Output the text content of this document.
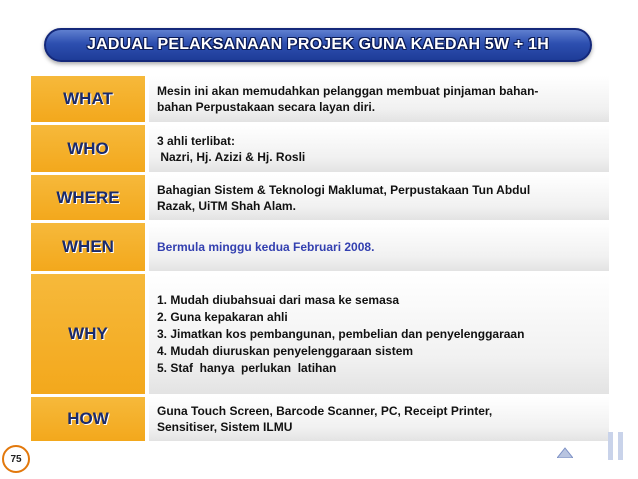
JADUAL PELAKSANAAN PROJEK GUNA KAEDAH 5W + 1H
WHAT	Mesin ini akan memudahkan pelanggan membuat pinjaman bahan-
bahan Perpustakaan secara layan diri.
WHO	3 ahli terlibat:
Nazri, Hj. Azizi & Hj. Rosli
WHERE	Bahagian Sistem & Teknologi Maklumat, Perpustakaan Tun Abdul
Razak, UiTM Shah Alam.
WHEN	Bermula minggu kedua Februari 2008.
WHY
1. Mudah diubahsuai dari masa ke semasa
2. Guna kepakaran ahli
3. Jimatkan kos pembangunan, pembelian dan penyelenggaraan
4. Mudah diuruskan penyelenggaraan sistem
5. Staf  hanya  perlukan  latihan
HOW	Guna Touch Screen, Barcode Scanner, PC, Receipt Printer,
Sensitiser, Sistem ILMU
75
